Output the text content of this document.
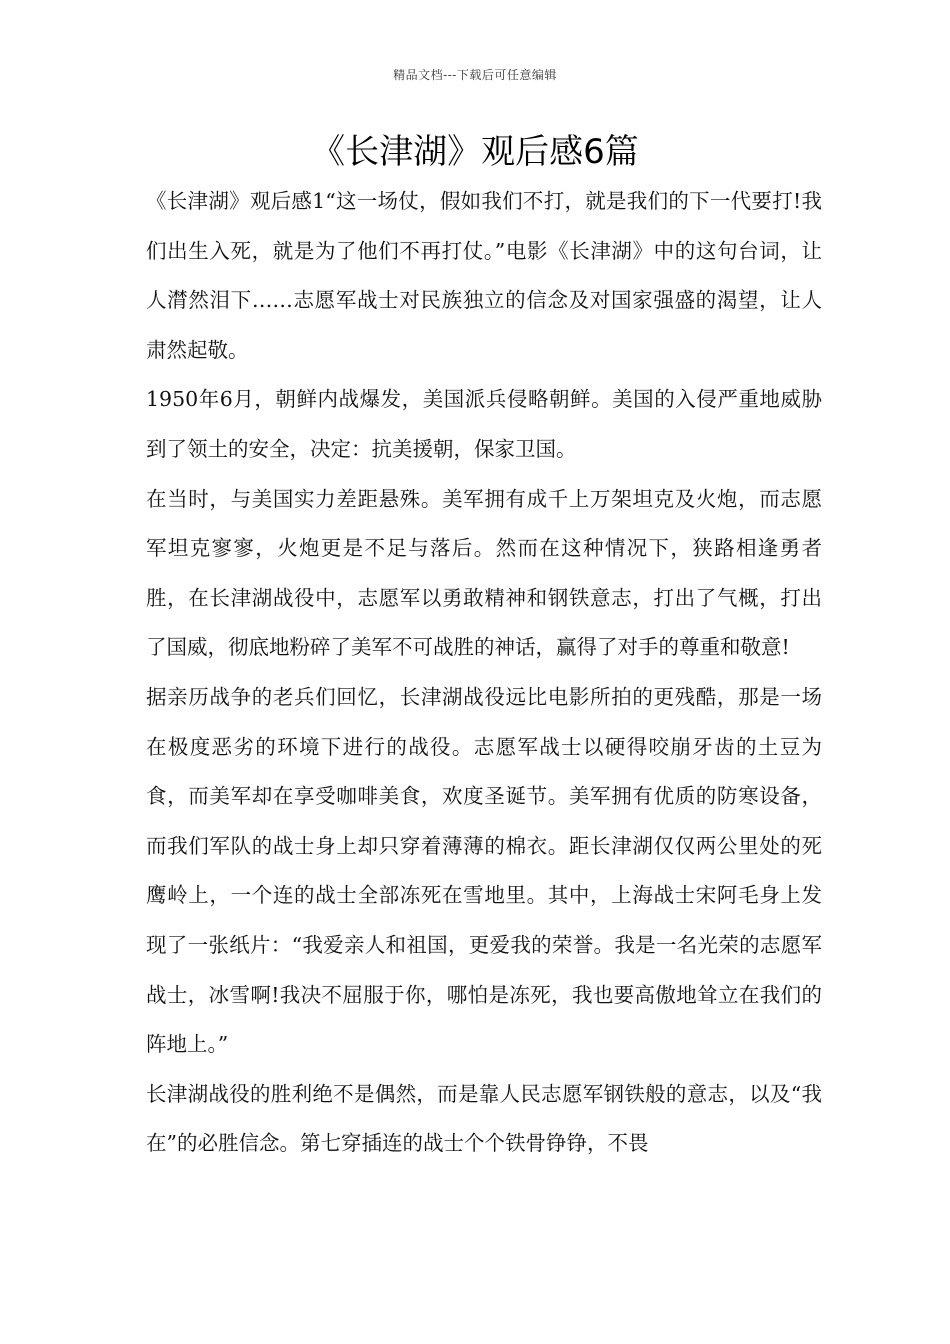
精品文档---下载后可任意编辑
《长津湖》观后感6篇

《长津湖》观后感1“这一场仗，假如我们不打，就是我们的下一代要打!我们出生入死，就是为了他们不再打仗。”电影《长津湖》中的这句台词，让人潸然泪下……志愿军战士对民族独立的信念及对国家强盛的渴望，让人肃然起敬。

1950年6月，朝鲜内战爆发，美国派兵侵略朝鲜。美国的入侵严重地威胁到了领土的安全，决定：抗美援朝，保家卫国。

在当时，与美国实力差距悬殊。美军拥有成千上万架坦克及火炮，而志愿军坦克寥寥，火炮更是不足与落后。然而在这种情况下，狭路相逢勇者胜，在长津湖战役中，志愿军以勇敢精神和钢铁意志，打出了气概，打出了国威，彻底地粉碎了美军不可战胜的神话，赢得了对手的尊重和敬意!

据亲历战争的老兵们回忆，长津湖战役远比电影所拍的更残酷，那是一场在极度恶劣的环境下进行的战役。志愿军战士以硬得咬崩牙齿的土豆为食，而美军却在享受咖啡美食，欢度圣诞节。美军拥有优质的防寒设备，而我们军队的战士身上却只穿着薄薄的棉衣。距长津湖仅仅两公里处的死鹰岭上，一个连的战士全部冻死在雪地里。其中，上海战士宋阿毛身上发现了一张纸片：“我爱亲人和祖国，更爱我的荣誉。我是一名光荣的志愿军战士，冰雪啊!我决不屈服于你，哪怕是冻死，我也要高傲地耸立在我们的阵地上。”

长津湖战役的胜利绝不是偶然，而是靠人民志愿军钢铁般的意志，以及“我在”的必胜信念。第七穿插连的战士个个铁骨铮铮，不畏
